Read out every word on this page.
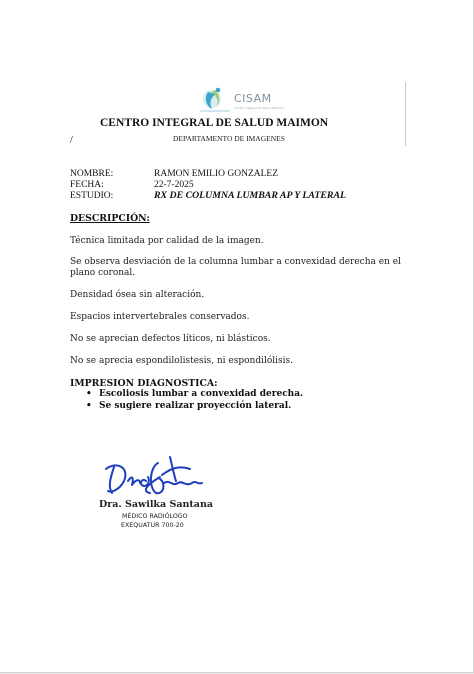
CISAM
Centro Integral de Salud Maimon
CENTRO INTEGRAL DE SALUD MAIMON
/	DEPARTAMENTO DE IMAGENES
NOMBRE:	RAMON EMILIO GONZALEZ
FECHA:	22-7-2025
ESTUDIO:	RX DE COLUMNA LUMBAR AP Y LATERAL
DESCRIPCIÓN:
Técnica limitada por calidad de la imagen.
Se observa desviación de la columna lumbar a convexidad derecha en el plano coronal.
Densidad ósea sin alteración.
Espacios intervertebrales conservados.
No se aprecian defectos líticos, ni blásticos.
No se aprecia espondilolistesis, ni espondilólisis.
IMPRESION DIAGNOSTICA:
• Escoliosis lumbar a convexidad derecha.
• Se sugiere realizar proyección lateral.
Dra. Sawilka Santana
MÉDICO RADIÓLOGO
EXEQUATUR 700-20
